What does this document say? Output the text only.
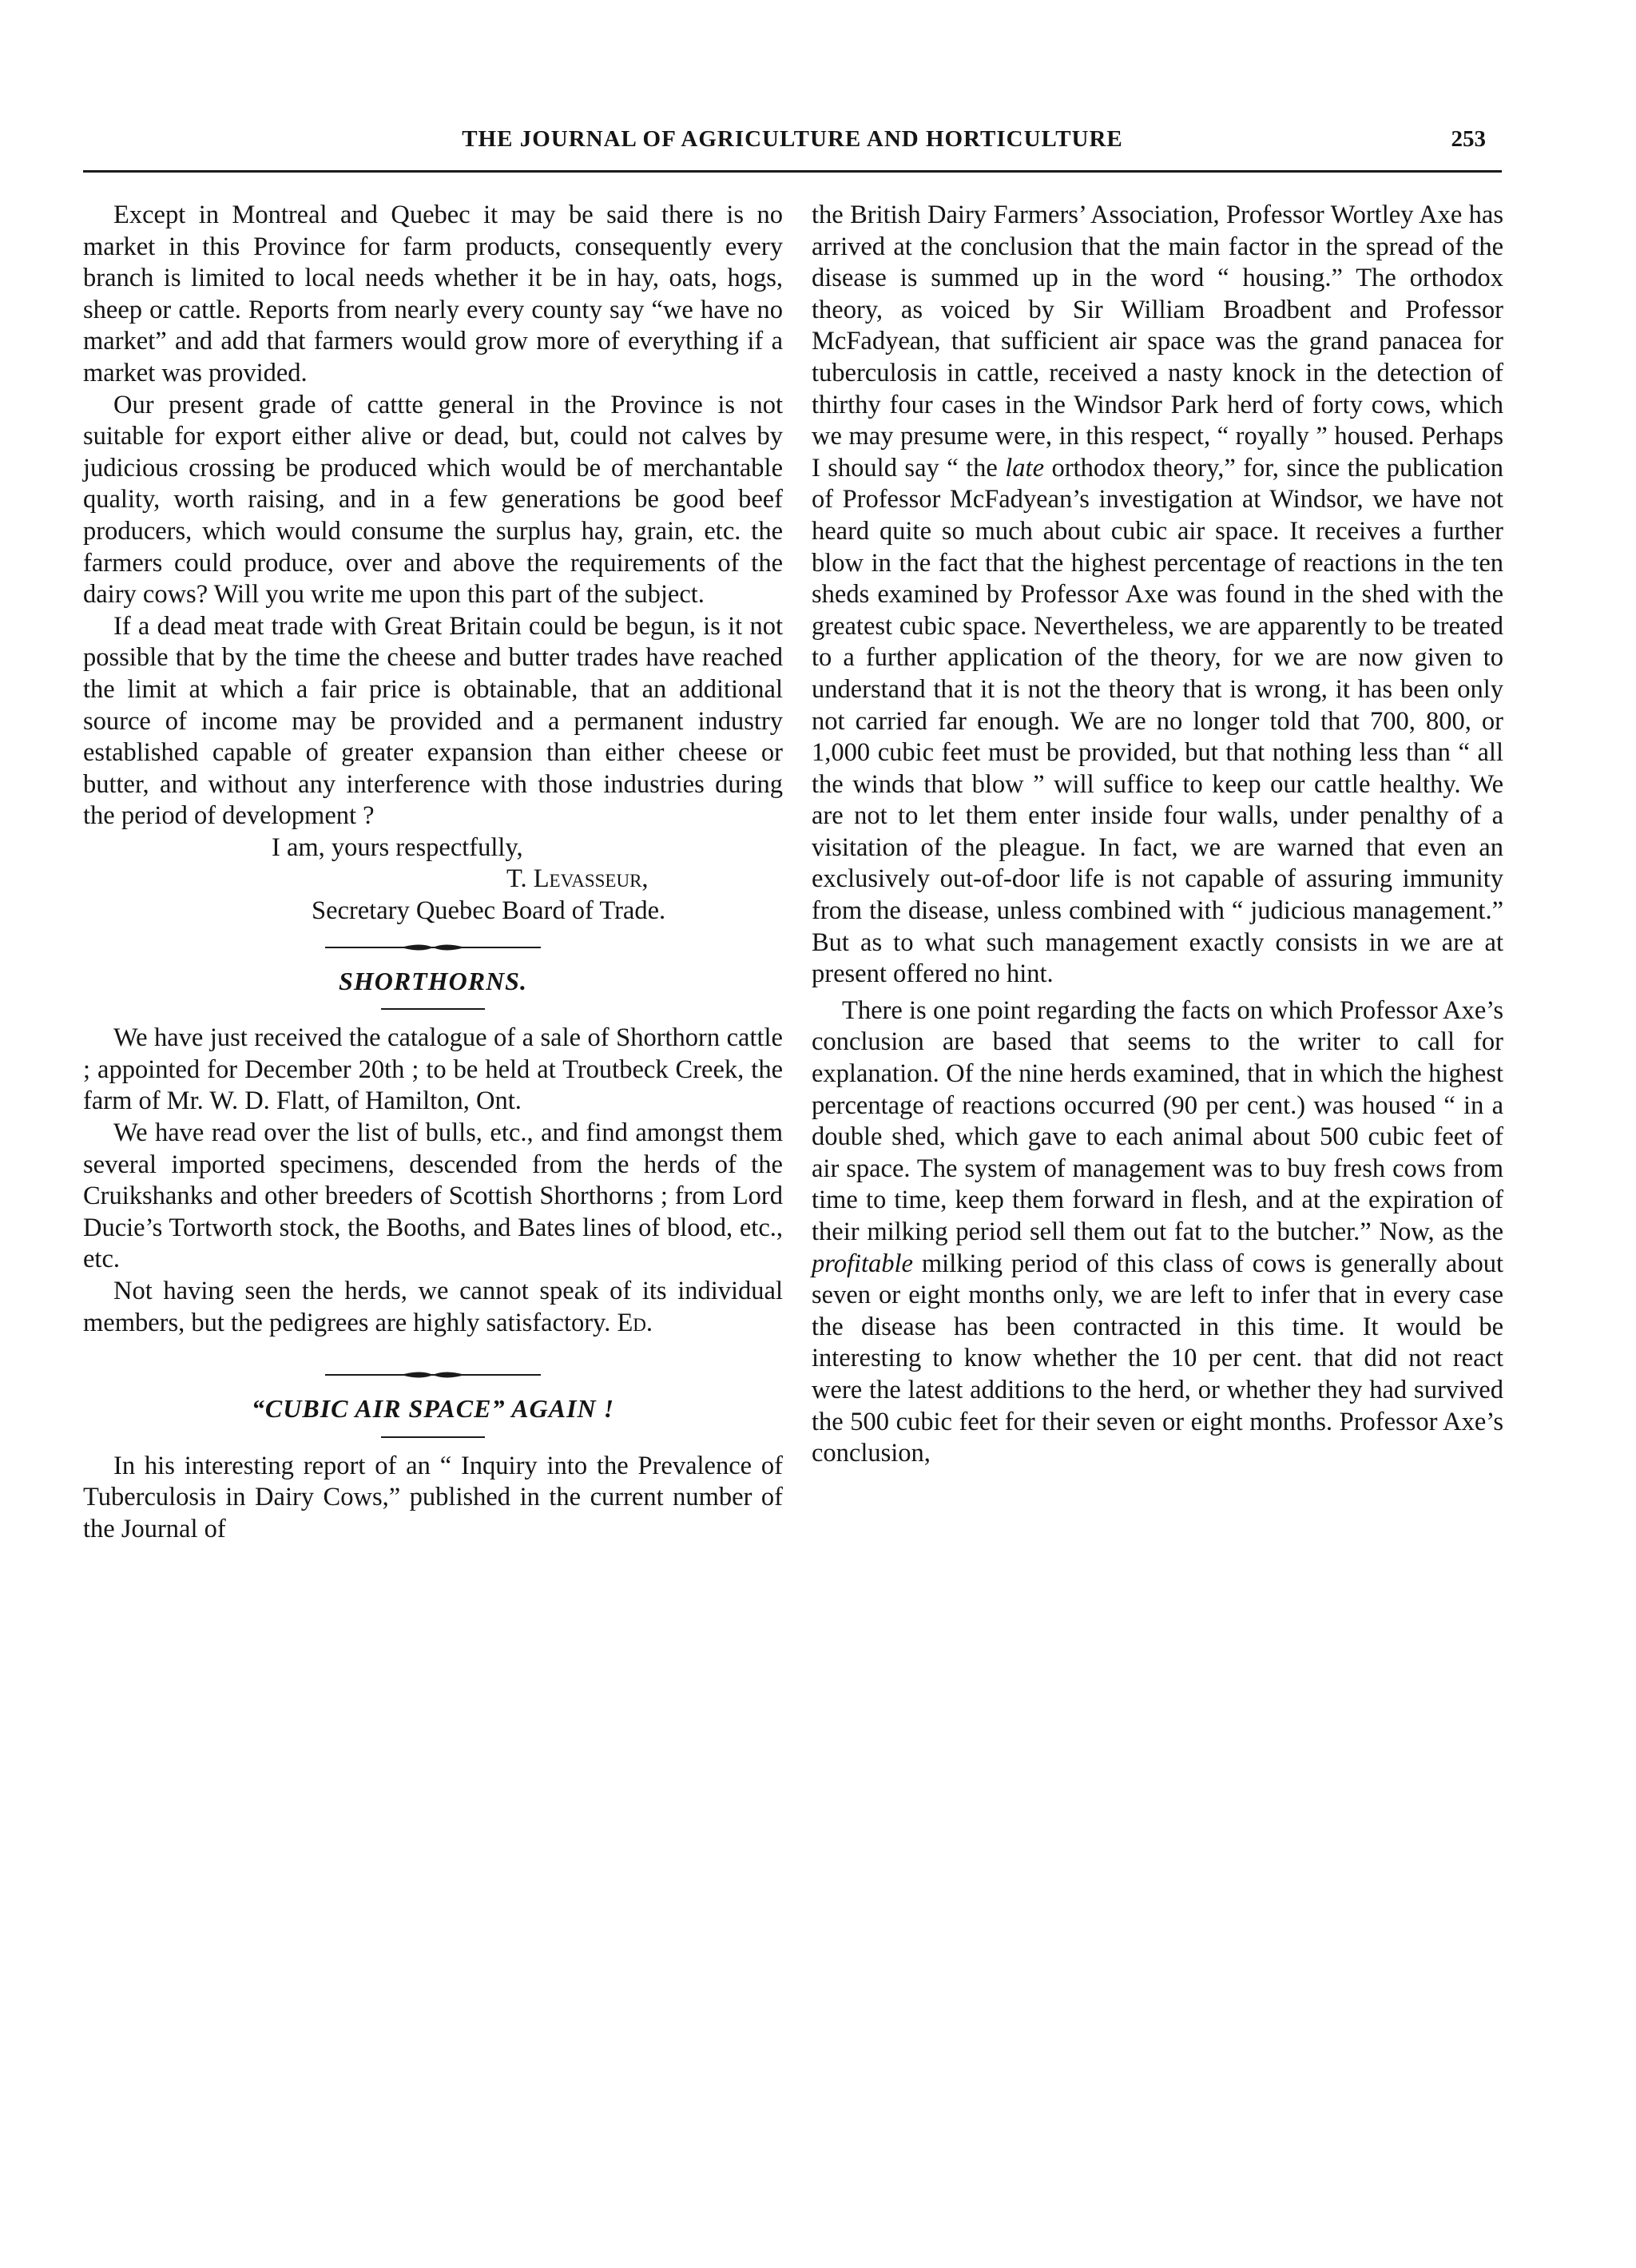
THE JOURNAL OF AGRICULTURE AND HORTICULTURE	253

Except in Montreal and Quebec it may be said there is no market in this Province for farm products, consequently every branch is limited to local needs whether it be in hay, oats, hogs, sheep or cattle. Reports from nearly every county say “we have no market” and add that farmers would grow more of everything if a market was provided.

Our present grade of cattte general in the Province is not suitable for export either alive or dead, but, could not calves by judicious crossing be produced which would be of merchantable quality, worth raising, and in a few generations be good beef producers, which would consume the surplus hay, grain, etc. the farmers could produce, over and above the requirements of the dairy cows? Will you write me upon this part of the subject.

If a dead meat trade with Great Britain could be begun, is it not possible that by the time the cheese and butter trades have reached the limit at which a fair price is obtainable, that an additional source of income may be provided and a permanent industry established capable of greater expansion than either cheese or butter, and without any interference with those industries during the period of development ?

I am, yours respectfully,

T. Levasseur,

Secretary Quebec Board of Trade.

SHORTHORNS.

We have just received the catalogue of a sale of Shorthorn cattle ; appointed for December 20th ; to be held at Troutbeck Creek, the farm of Mr. W. D. Flatt, of Hamilton, Ont.

We have read over the list of bulls, etc., and find amongst them several imported specimens, descended from the herds of the Cruikshanks and other breeders of Scottish Shorthorns ; from Lord Ducie’s Tortworth stock, the Booths, and Bates lines of blood, etc., etc.

Not having seen the herds, we cannot speak of its individual members, but the pedigrees are highly satisfactory. Ed.

“CUBIC AIR SPACE” AGAIN !

In his interesting report of an “ Inquiry into the Prevalence of Tuberculosis in Dairy Cows,” published in the current number of the Journal of

the British Dairy Farmers’ Association, Professor Wortley Axe has arrived at the conclusion that the main factor in the spread of the disease is summed up in the word “ housing.” The orthodox theory, as voiced by Sir William Broadbent and Professor McFadyean, that sufficient air space was the grand panacea for tuberculosis in cattle, received a nasty knock in the detection of thirthy four cases in the Windsor Park herd of forty cows, which we may presume were, in this respect, “ royally ” housed. Perhaps I should say “ the late orthodox theory,” for, since the publication of Professor McFadyean’s investigation at Windsor, we have not heard quite so much about cubic air space. It receives a further blow in the fact that the highest percentage of reactions in the ten sheds examined by Professor Axe was found in the shed with the greatest cubic space. Nevertheless, we are apparently to be treated to a further application of the theory, for we are now given to understand that it is not the theory that is wrong, it has been only not carried far enough. We are no longer told that 700, 800, or 1,000 cubic feet must be provided, but that nothing less than “ all the winds that blow ” will suffice to keep our cattle healthy. We are not to let them enter inside four walls, under penalthy of a visitation of the pleague. In fact, we are warned that even an exclusively out-of-door life is not capable of assuring immunity from the disease, unless combined with “ judicious management.” But as to what such management exactly consists in we are at present offered no hint.

There is one point regarding the facts on which Professor Axe’s conclusion are based that seems to the writer to call for explanation. Of the nine herds examined, that in which the highest percentage of reactions occurred (90 per cent.) was housed “ in a double shed, which gave to each animal about 500 cubic feet of air space. The system of management was to buy fresh cows from time to time, keep them forward in flesh, and at the expiration of their milking period sell them out fat to the butcher.” Now, as the profitable milking period of this class of cows is generally about seven or eight months only, we are left to infer that in every case the disease has been contracted in this time. It would be interesting to know whether the 10 per cent. that did not react were the latest additions to the herd, or whether they had survived the 500 cubic feet for their seven or eight months. Professor Axe’s conclusion,
